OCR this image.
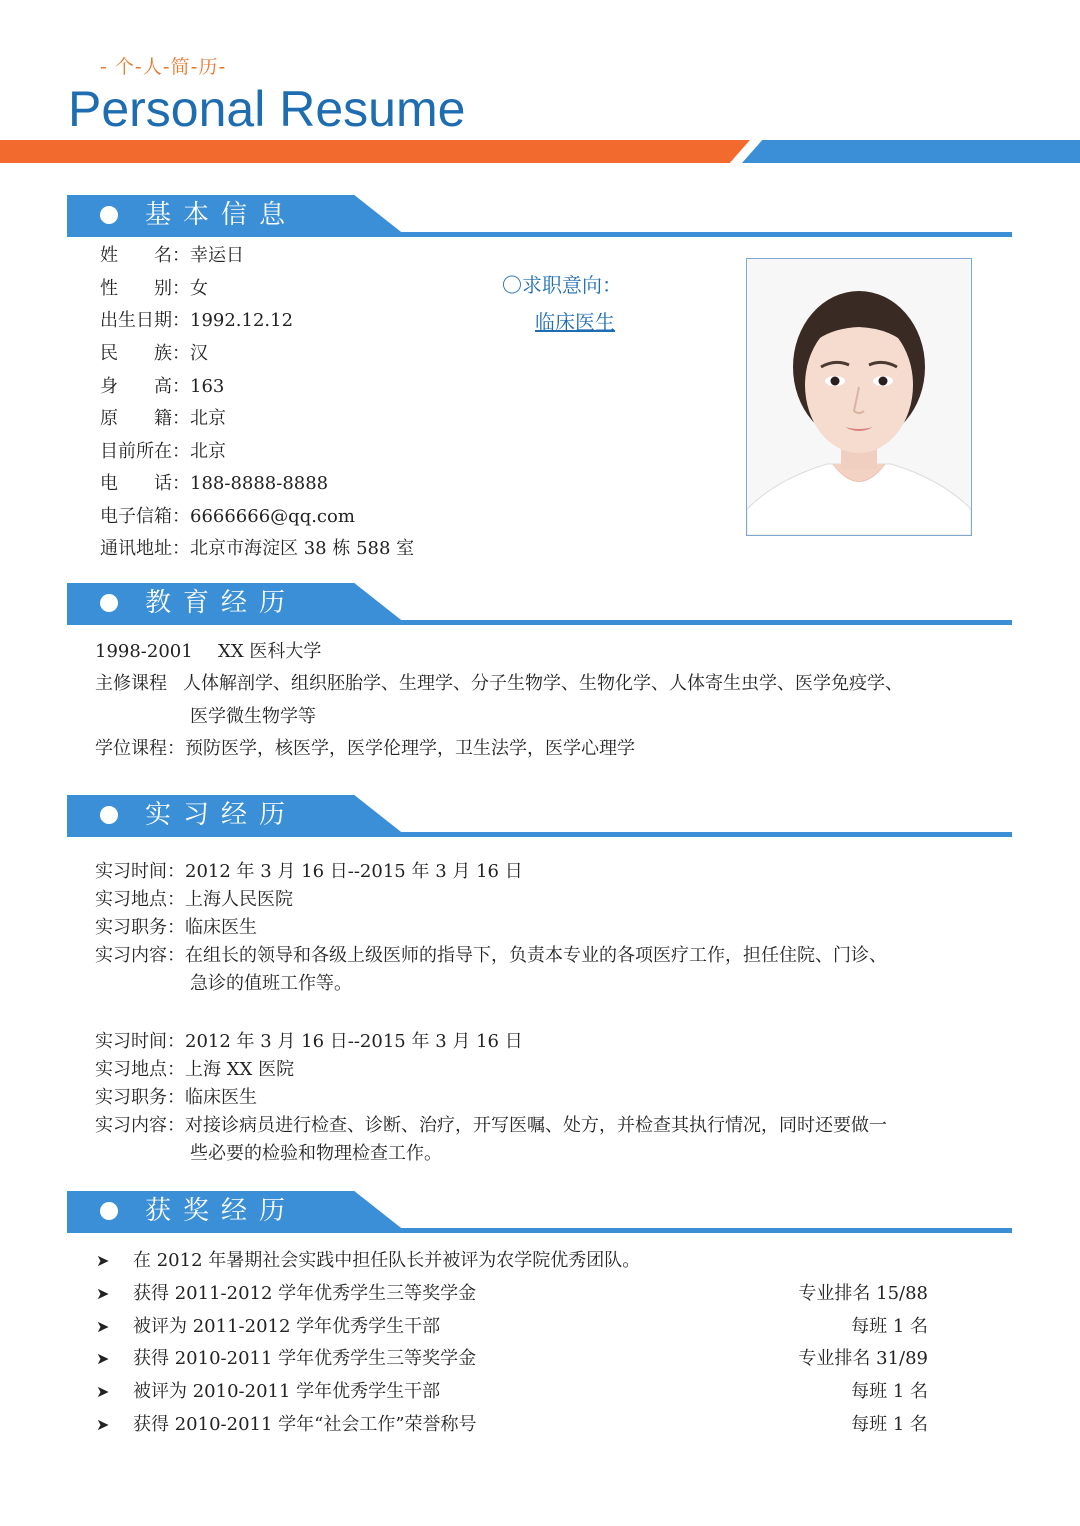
- 个-人-简-历-
Personal Resume
基本信息
姓　　名：幸运日
性　　别：女
出生日期：1992.12.12
民　　族：汉
身　　高：163
原　　籍：北京
目前所在：北京
电　　话：188-8888-8888
电子信箱：6666666@qq.com
通讯地址：北京市海淀区 38 栋 588 室
〇求职意向：
临床医生
教育经历
1998-2001 XX 医科大学
主修课程 人体解剖学、组织胚胎学、生理学、分子生物学、生物化学、人体寄生虫学、医学免疫学、
医学微生物学等
学位课程：预防医学，核医学，医学伦理学，卫生法学，医学心理学
实习经历
实习时间：2012 年 3 月 16 日--2015 年 3 月 16 日
实习地点：上海人民医院
实习职务：临床医生
实习内容：在组长的领导和各级上级医师的指导下，负责本专业的各项医疗工作，担任住院、门诊、
急诊的值班工作等。
实习时间：2012 年 3 月 16 日--2015 年 3 月 16 日
实习地点：上海 XX 医院
实习职务：临床医生
实习内容：对接诊病员进行检查、诊断、治疗，开写医嘱、处方，并检查其执行情况，同时还要做一
些必要的检验和物理检查工作。
获奖经历
➤ 在 2012 年暑期社会实践中担任队长并被评为农学院优秀团队。
➤ 获得 2011-2012 学年优秀学生三等奖学金	专业排名 15/88
➤ 被评为 2011-2012 学年优秀学生干部	每班 1 名
➤ 获得 2010-2011 学年优秀学生三等奖学金	专业排名 31/89
➤ 被评为 2010-2011 学年优秀学生干部	每班 1 名
➤ 获得 2010-2011 学年“社会工作”荣誉称号	每班 1 名
